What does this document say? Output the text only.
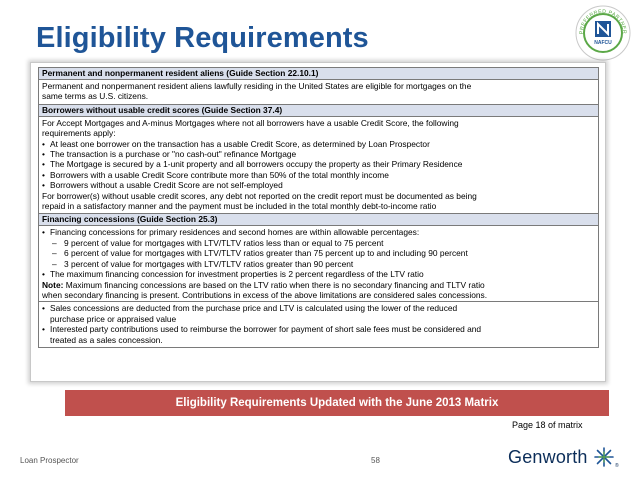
Eligibility Requirements	PREFERRED PARTNER
NAFCU
Permanent and nonpermanent resident aliens (Guide Section 22.10.1)
Permanent and nonpermanent resident aliens lawfully residing in the United States are eligible for mortgages on the
same terms as U.S. citizens.
Borrowers without usable credit scores (Guide Section 37.4)
For Accept Mortgages and A-minus Mortgages where not all borrowers have a usable Credit Score, the following
requirements apply:
• At least one borrower on the transaction has a usable Credit Score, as determined by Loan Prospector
• The transaction is a purchase or "no cash-out" refinance Mortgage
• The Mortgage is secured by a 1-unit property and all borrowers occupy the property as their Primary Residence
• Borrowers with a usable Credit Score contribute more than 50% of the total monthly income
• Borrowers without a usable Credit Score are not self-employed
For borrower(s) without usable credit scores, any debt not reported on the credit report must be documented as being
repaid in a satisfactory manner and the payment must be included in the total monthly debt-to-income ratio
Financing concessions (Guide Section 25.3)
• Financing concessions for primary residences and second homes are within allowable percentages:
– 9 percent of value for mortgages with LTV/TLTV ratios less than or equal to 75 percent
– 6 percent of value for mortgages with LTV/TLTV ratios greater than 75 percent up to and including 90 percent
– 3 percent of value for mortgages with LTV/TLTV ratios greater than 90 percent
• The maximum financing concession for investment properties is 2 percent regardless of the LTV ratio
Note: Maximum financing concessions are based on the LTV ratio when there is no secondary financing and TLTV ratio
when secondary financing is present. Contributions in excess of the above limitations are considered sales concessions.
• Sales concessions are deducted from the purchase price and LTV is calculated using the lower of the reduced
purchase price or appraised value
• Interested party contributions used to reimburse the borrower for payment of short sale fees must be considered and
treated as a sales concession.
Eligibility Requirements Updated with the June 2013 Matrix
Page 18 of matrix
Loan Prospector	58	Genworth	®
